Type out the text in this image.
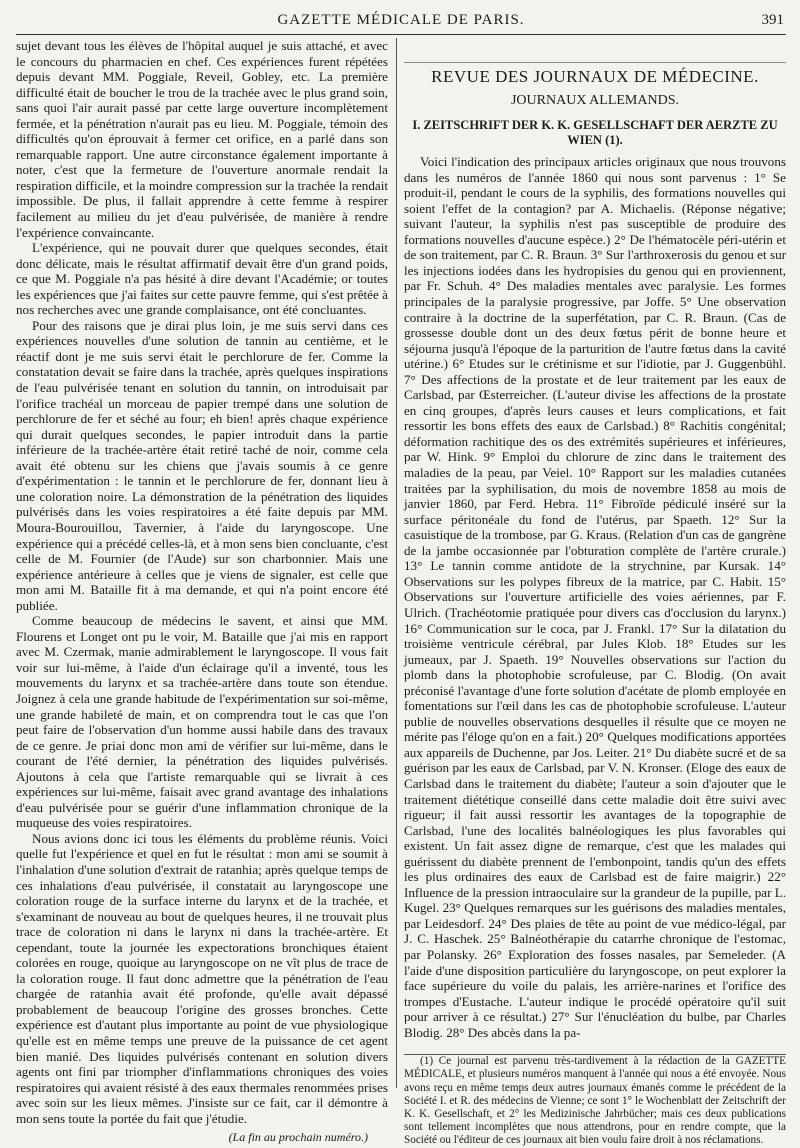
GAZETTE MÉDICALE DE PARIS.	391

sujet devant tous les élèves de l'hôpital auquel je suis attaché, et avec le concours du pharmacien en chef. Ces expériences furent répétées depuis devant MM. Poggiale, Reveil, Gobley, etc. La première difficulté était de boucher le trou de la trachée avec le plus grand soin, sans quoi l'air aurait passé par cette large ouverture incomplètement fermée, et la pénétration n'aurait pas eu lieu. M. Poggiale, témoin des difficultés qu'on éprouvait à fermer cet orifice, en a parlé dans son remarquable rapport. Une autre circonstance également importante à noter, c'est que la fermeture de l'ouverture anormale rendait la respiration difficile, et la moindre compression sur la trachée la rendait impossible. De plus, il fallait apprendre à cette femme à respirer facilement au milieu du jet d'eau pulvérisée, de manière à rendre l'expérience convaincante.

L'expérience, qui ne pouvait durer que quelques secondes, était donc délicate, mais le résultat affirmatif devait être d'un grand poids, ce que M. Poggiale n'a pas hésité à dire devant l'Académie; or toutes les expériences que j'ai faites sur cette pauvre femme, qui s'est prêtée à nos recherches avec une grande complaisance, ont été concluantes.

Pour des raisons que je dirai plus loin, je me suis servi dans ces expériences nouvelles d'une solution de tannin au centième, et le réactif dont je me suis servi était le perchlorure de fer. Comme la constatation devait se faire dans la trachée, après quelques inspirations de l'eau pulvérisée tenant en solution du tannin, on introduisait par l'orifice trachéal un morceau de papier trempé dans une solution de perchlorure de fer et séché au four; eh bien! après chaque expérience qui durait quelques secondes, le papier introduit dans la partie inférieure de la trachée-artère était retiré taché de noir, comme cela avait été obtenu sur les chiens que j'avais soumis à ce genre d'expérimentation : le tannin et le perchlorure de fer, donnant lieu à une coloration noire. La démonstration de la pénétration des liquides pulvérisés dans les voies respiratoires a été faite depuis par MM. Moura-Bourouillou, Tavernier, à l'aide du laryngoscope. Une expérience qui a précédé celles-là, et à mon sens bien concluante, c'est celle de M. Fournier (de l'Aude) sur son charbonnier. Mais une expérience antérieure à celles que je viens de signaler, est celle que mon ami M. Bataille fit à ma demande, et qui n'a point encore été publiée.

Comme beaucoup de médecins le savent, et ainsi que MM. Flourens et Longet ont pu le voir, M. Bataille que j'ai mis en rapport avec M. Czermak, manie admirablement le laryngoscope. Il vous fait voir sur lui-même, à l'aide d'un éclairage qu'il a inventé, tous les mouvements du larynx et sa trachée-artère dans toute son étendue. Joignez à cela une grande habitude de l'expérimentation sur soi-même, une grande habileté de main, et on comprendra tout le cas que l'on peut faire de l'observation d'un homme aussi habile dans des travaux de ce genre. Je priai donc mon ami de vérifier sur lui-même, dans le courant de l'été dernier, la pénétration des liquides pulvérisés. Ajoutons à cela que l'artiste remarquable qui se livrait à ces expériences sur lui-même, faisait avec grand avantage des inhalations d'eau pulvérisée pour se guérir d'une inflammation chronique de la muqueuse des voies respiratoires.

Nous avions donc ici tous les éléments du problème réunis. Voici quelle fut l'expérience et quel en fut le résultat : mon ami se soumit à l'inhalation d'une solution d'extrait de ratanhia; après quelque temps de ces inhalations d'eau pulvérisée, il constatait au laryngoscope une coloration rouge de la surface interne du larynx et de la trachée, et s'examinant de nouveau au bout de quelques heures, il ne trouvait plus trace de coloration ni dans le larynx ni dans la trachée-artère. Et cependant, toute la journée les expectorations bronchiques étaient colorées en rouge, quoique au laryngoscope on ne vît plus de trace de la coloration rouge. Il faut donc admettre que la pénétration de l'eau chargée de ratanhia avait été profonde, qu'elle avait dépassé probablement de beaucoup l'origine des grosses bronches. Cette expérience est d'autant plus importante au point de vue physiologique qu'elle est en même temps une preuve de la puissance de cet agent bien manié. Des liquides pulvérisés contenant en solution divers agents ont fini par triompher d'inflammations chroniques des voies respiratoires qui avaient résisté à des eaux thermales renommées prises avec soin sur les lieux mêmes. J'insiste sur ce fait, car il démontre à mon sens toute la portée du fait que j'étudie.

(La fin au prochain numéro.)

REVUE DES JOURNAUX DE MÉDECINE.
JOURNAUX ALLEMANDS.
I. ZEITSCHRIFT DER K. K. GESELLSCHAFT DER AERZTE ZU WIEN (1).

Voici l'indication des principaux articles originaux que nous trouvons dans les numéros de l'année 1860 qui nous sont parvenus : 1° Se produit-il, pendant le cours de la syphilis, des formations nouvelles qui soient l'effet de la contagion? par A. Michaelis. (Réponse négative; suivant l'auteur, la syphilis n'est pas susceptible de produire des formations nouvelles d'aucune espèce.) 2° De l'hématocèle péri-utérin et de son traitement, par C. R. Braun. 3° Sur l'arthroxerosis du genou et sur les injections iodées dans les hydropisies du genou qui en proviennent, par Fr. Schuh. 4° Des maladies mentales avec paralysie. Les formes principales de la paralysie progressive, par Joffe. 5° Une observation contraire à la doctrine de la superfétation, par C. R. Braun. (Cas de grossesse double dont un des deux fœtus périt de bonne heure et séjourna jusqu'à l'époque de la parturition de l'autre fœtus dans la cavité utérine.) 6° Etudes sur le crétinisme et sur l'idiotie, par J. Guggenbühl. 7° Des affections de la prostate et de leur traitement par les eaux de Carlsbad, par Œsterreicher. (L'auteur divise les affections de la prostate en cinq groupes, d'après leurs causes et leurs complications, et fait ressortir les bons effets des eaux de Carlsbad.) 8° Rachitis congénital; déformation rachitique des os des extrémités supérieures et inférieures, par W. Hink. 9° Emploi du chlorure de zinc dans le traitement des maladies de la peau, par Veiel. 10° Rapport sur les maladies cutanées traitées par la syphilisation, du mois de novembre 1858 au mois de janvier 1860, par Ferd. Hebra. 11° Fibroïde pédiculé inséré sur la surface péritonéale du fond de l'utérus, par Spaeth. 12° Sur la casuistique de la trombose, par G. Kraus. (Relation d'un cas de gangrène de la jambe occasionnée par l'obturation complète de l'artère crurale.) 13° Le tannin comme antidote de la strychnine, par Kursak. 14° Observations sur les polypes fibreux de la matrice, par C. Habit. 15° Observations sur l'ouverture artificielle des voies aériennes, par F. Ulrich. (Trachéotomie pratiquée pour divers cas d'occlusion du larynx.) 16° Communication sur le coca, par J. Frankl. 17° Sur la dilatation du troisième ventricule cérébral, par Jules Klob. 18° Etudes sur les jumeaux, par J. Spaeth. 19° Nouvelles observations sur l'action du plomb dans la photophobie scrofuleuse, par C. Blodig. (On avait préconisé l'avantage d'une forte solution d'acétate de plomb employée en fomentations sur l'œil dans les cas de photophobie scrofuleuse. L'auteur publie de nouvelles observations desquelles il résulte que ce moyen ne mérite pas l'éloge qu'on en a fait.) 20° Quelques modifications apportées aux appareils de Duchenne, par Jos. Leiter. 21° Du diabète sucré et de sa guérison par les eaux de Carlsbad, par V. N. Kronser. (Eloge des eaux de Carlsbad dans le traitement du diabète; l'auteur a soin d'ajouter que le traitement diététique conseillé dans cette maladie doit être suivi avec rigueur; il fait aussi ressortir les avantages de la topographie de Carlsbad, l'une des localités balnéologiques les plus favorables qui existent. Un fait assez digne de remarque, c'est que les malades qui guérissent du diabète prennent de l'embonpoint, tandis qu'un des effets les plus ordinaires des eaux de Carlsbad est de faire maigrir.) 22° Influence de la pression intraoculaire sur la grandeur de la pupille, par L. Kugel. 23° Quelques remarques sur les guérisons des maladies mentales, par Leidesdorf. 24° Des plaies de tête au point de vue médico-légal, par J. C. Haschek. 25° Balnéothérapie du catarrhe chronique de l'estomac, par Polansky. 26° Exploration des fosses nasales, par Semeleder. (A l'aide d'une disposition particulière du laryngoscope, on peut explorer la face supérieure du voile du palais, les arrière-narines et l'orifice des trompes d'Eustache. L'auteur indique le procédé opératoire qu'il suit pour arriver à ce résultat.) 27° Sur l'énucléation du bulbe, par Charles Blodig. 28° Des abcès dans la pa-

(1) Ce journal est parvenu très-tardivement à la rédaction de la GAZETTE MÉDICALE, et plusieurs numéros manquent à l'année qui nous a été envoyée. Nous avons reçu en même temps deux autres journaux émanés comme le précédent de la Société I. et R. des médecins de Vienne; ce sont 1° le Wochenblatt der Zeitschrift der K. K. Gesellschaft, et 2° les Medizinische Jahrbücher; mais ces deux publications sont tellement incomplètes que nous attendrons, pour en rendre compte, que la Société ou l'éditeur de ces journaux ait bien voulu faire droit à nos réclamations.
